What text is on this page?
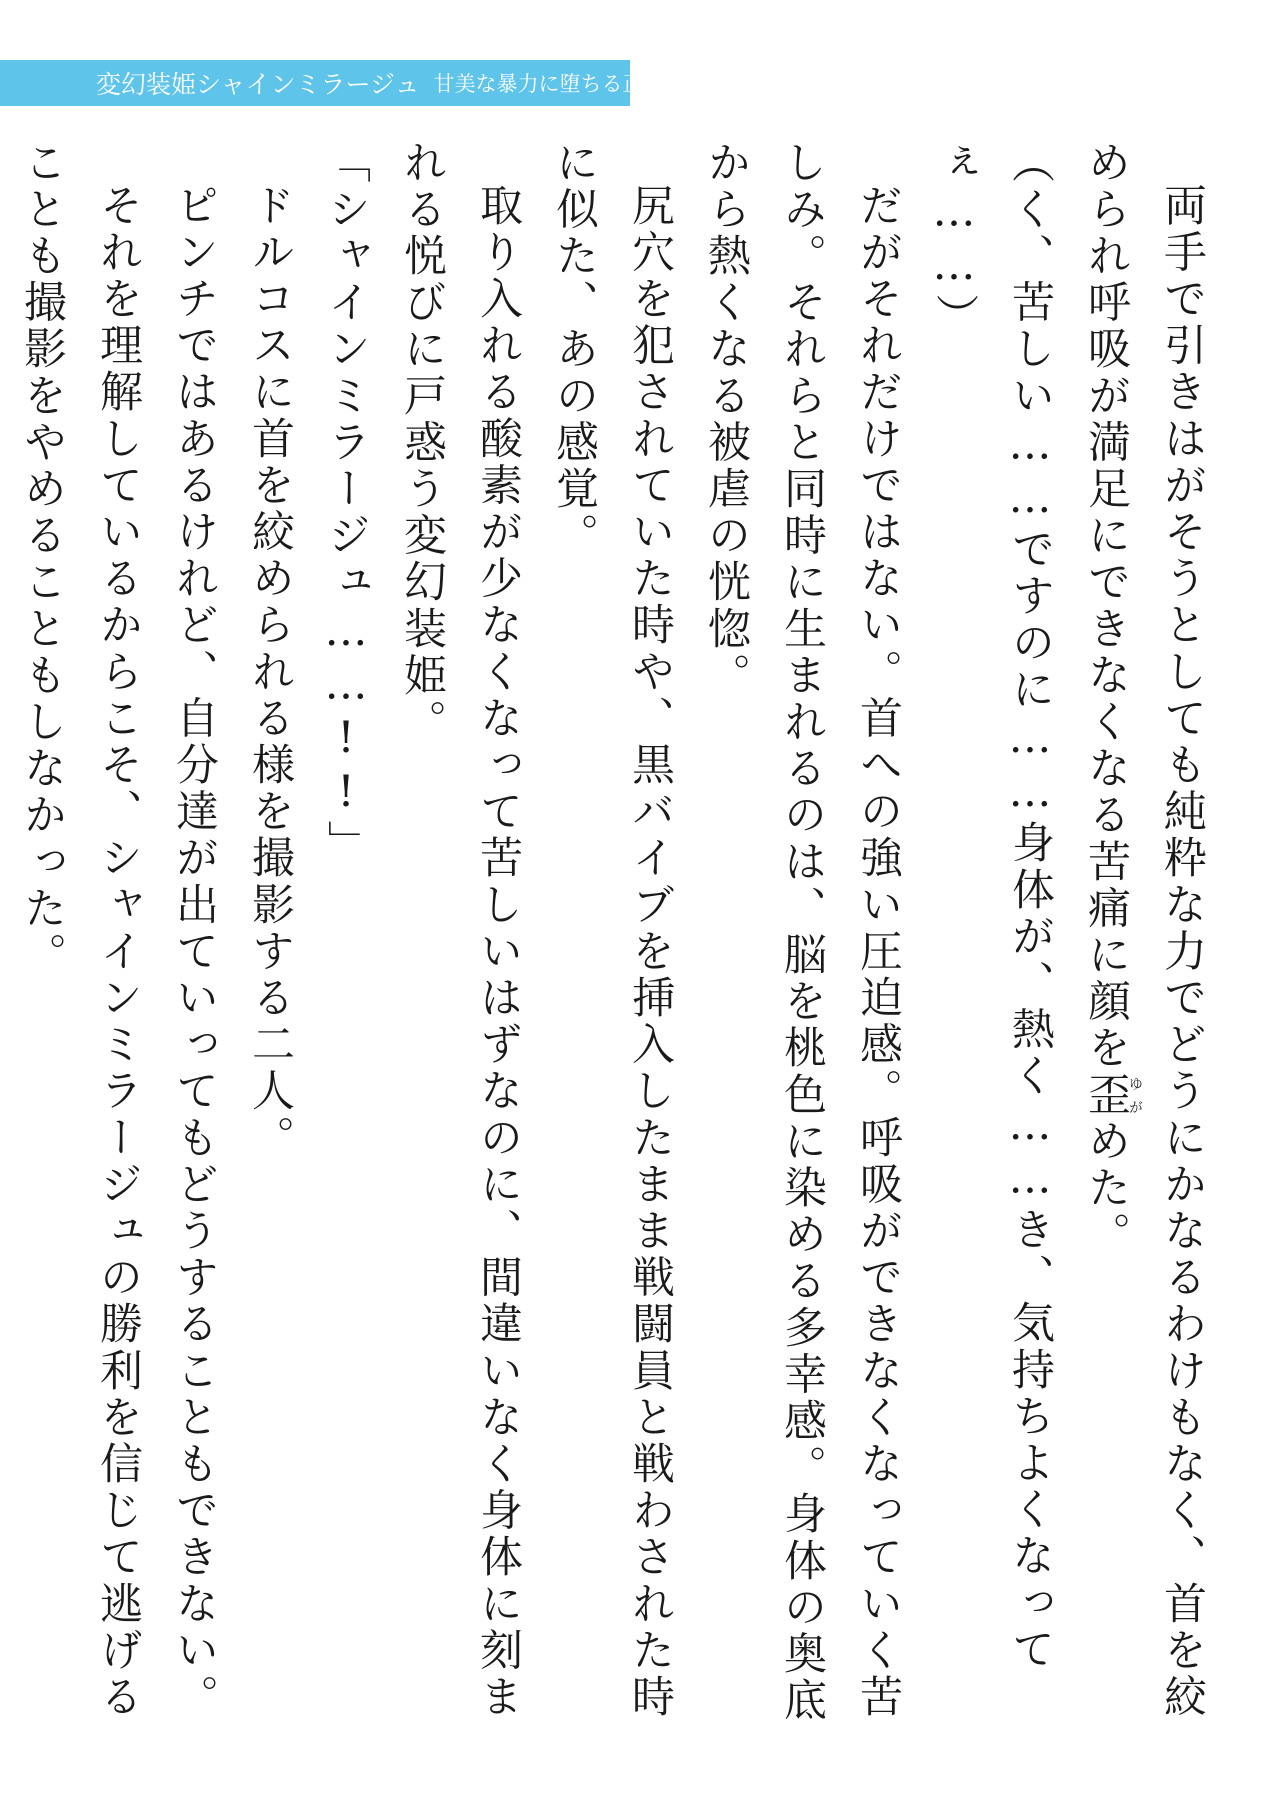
変幻装姫シャインミラージュ 甘美な暴力に堕ちる正義

両手で引きはがそうとしても純粋な力でどうにかなるわけもなく、首を絞められ呼吸が満足にできなくなる苦痛に顔を歪ゆがめた。

（く、苦しい……ですのに……身体が、熱く……き、気持ちよくなってぇ……）

だがそれだけではない。首への強い圧迫感。呼吸ができなくなっていく苦しみ。それらと同時に生まれるのは、脳を桃色に染める多幸感。身体の奥底から熱くなる被虐の恍惚。

尻穴を犯されていた時や、黒バイブを挿入したまま戦闘員と戦わされた時に似た、あの感覚。

取り入れる酸素が少なくなって苦しいはずなのに、間違いなく身体に刻まれる悦びに戸惑う変幻装姫。

「シャインミラージュ……!!」

ドルコスに首を絞められる様を撮影する二人。

ピンチではあるけれど、自分達が出ていってもどうすることもできない。

それを理解しているからこそ、シャインミラージュの勝利を信じて逃げることも撮影をやめることもしなかった。
